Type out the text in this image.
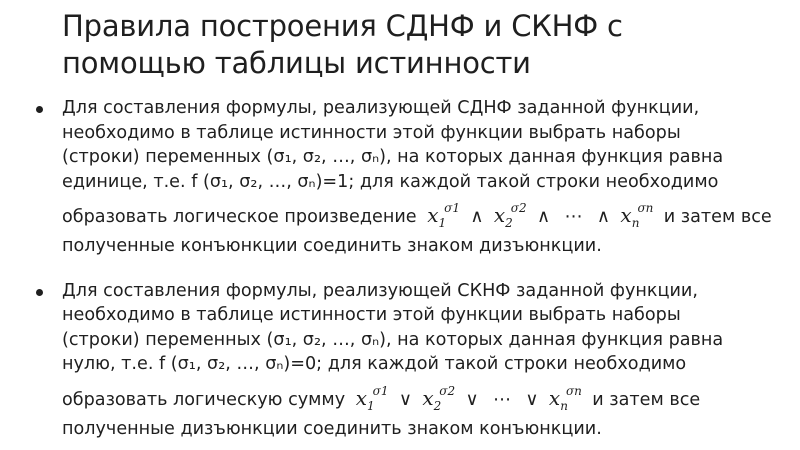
Правила построения СДНФ и СКНФ с помощью таблицы истинности
Для составления формулы, реализующей СДНФ заданной функции,
необходимо в таблице истинности этой функции выбрать наборы
(строки) переменных (σ₁, σ₂, …, σₙ), на которых данная функция равна
единице, т.е. f (σ₁, σ₂, …, σₙ)=1; для каждой такой строки необходимо
образовать логическое произведение $x_1^{\sigma 1}$ ∧ $x_2^{\sigma 2}$ ∧ ⋯ ∧ $x_n^{\sigma n}$ и затем все
полученные конъюнкции соединить знаком дизъюнкции.
Для составления формулы, реализующей СКНФ заданной функции,
необходимо в таблице истинности этой функции выбрать наборы
(строки) переменных (σ₁, σ₂, …, σₙ), на которых данная функция равна
нулю, т.е. f (σ₁, σ₂, …, σₙ)=0; для каждой такой строки необходимо
образовать логическую сумму $x_1^{\sigma 1}$ ∨ $x_2^{\sigma 2}$ ∨ ⋯ ∨ $x_n^{\sigma n}$ и затем все
полученные дизъюнкции соединить знаком конъюнкции.
